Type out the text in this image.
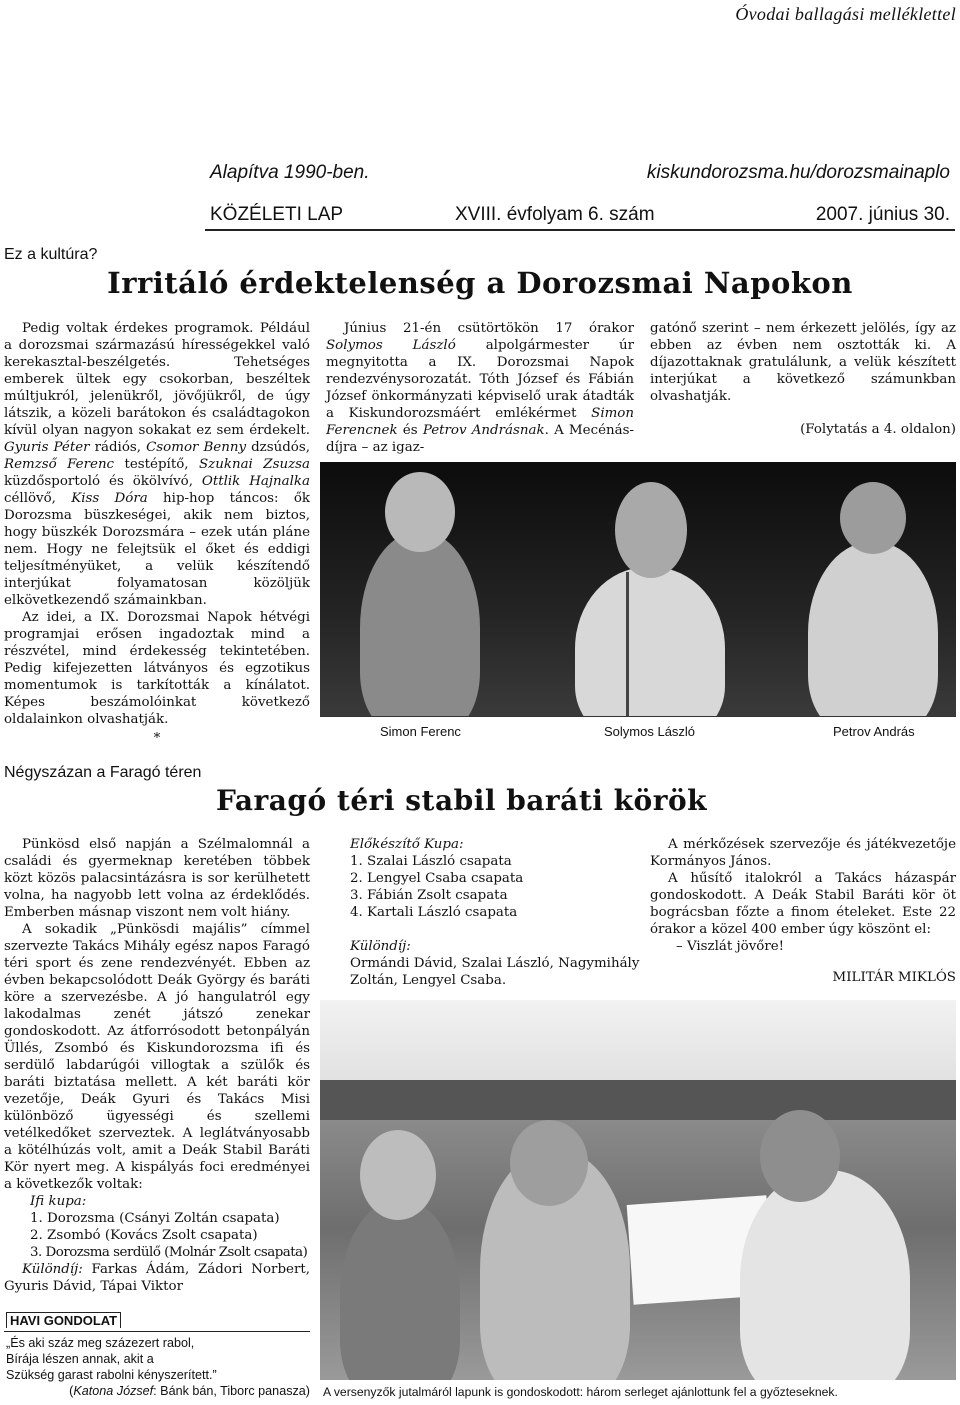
Óvodai ballagási melléklettel
Alapítva 1990-ben.	kiskundorozsma.hu/dorozsmainaplo
KÖZÉLETI LAP	XVIII. évfolyam 6. szám	2007. június 30.
Ez a kultúra?
Irritáló érdektelenség a Dorozsmai Napokon

Pedig voltak érdekes programok. Például a dorozsmai származású hírességekkel való kerekasztal-beszélgetés. Tehetséges emberek ültek egy csokorban, beszéltek múltjukról, jelenükről, jövőjükről, de úgy látszik, a közeli barátokon és családtagokon kívül olyan nagyon sokakat ez sem érdekelt. Gyuris Péter rádiós, Csomor Benny dzsúdós, Remzső Ferenc testépítő, Szuknai Zsuzsa küzdősportoló és ökölvívó, Ottlik Hajnalka céllövő, Kiss Dóra hip-hop táncos: ők Dorozsma büszkeségei, akik nem biztos, hogy büszkék Dorozsmára – ezek után pláne nem. Hogy ne felejtsük el őket és eddigi teljesítményüket, a velük készítendő interjúkat folyamatosan közöljük elkövetkezendő számainkban.

Az idei, a IX. Dorozsmai Napok hétvégi programjai erősen ingadoztak mind a részvétel, mind érdekesség tekintetében. Pedig kifejezetten látványos és egzotikus momentumok is tarkították a kínálatot. Képes beszámolóinkat következő oldalainkon olvashatják.

*

Június 21-én csütörtökön 17 órakor Solymos László alpolgármester úr megnyitotta a IX. Dorozsmai Napok rendezvénysorozatát. Tóth József és Fábián József önkormányzati képviselő urak átadták a Kiskundorozsmáért emlékérmet Simon Ferencnek és Petrov Andrásnak. A Mecénás-díjra – az igaz-

gatónő szerint – nem érkezett jelölés, így az ebben az évben nem osztották ki. A díjazottaknak gratulálunk, a velük készített interjúkat a következő számunkban olvashatják.

(Folytatás a 4. oldalon)
Simon Ferenc	Solymos László	Petrov András
Négyszázan a Faragó téren
Faragó téri stabil baráti körök

Pünkösd első napján a Szélmalomnál a családi és gyermeknap keretében többek közt közös palacsintázásra is sor kerülhetett volna, ha nagyobb lett volna az érdeklődés. Emberben másnap viszont nem volt hiány.

A sokadik „Pünkösdi majális” címmel szervezte Takács Mihály egész napos Faragó téri sport és zene rendezvényét. Ebben az évben bekapcsolódott Deák György és baráti köre a szervezésbe. A jó hangulatról egy lakodalmas zenét játszó zenekar gondoskodott. Az átforrósodott betonpályán Üllés, Zsombó és Kiskundorozsma ifi és serdülő labdarúgói villogtak a szülők és baráti biztatása mellett. A két baráti kör vezetője, Deák Gyuri és Takács Misi különböző ügyességi és szellemi vetélkedőket szerveztek. A leglátványosabb a kötélhúzás volt, amit a Deák Stabil Baráti Kör nyert meg. A kispályás foci eredményei a következők voltak:

Ifi kupa:
1. Dorozsma (Csányi Zoltán csapata)
2. Zsombó (Kovács Zsolt csapata)
3. Dorozsma serdülő (Molnár Zsolt csapata)

Különdíj: Farkas Ádám, Zádori Norbert, Gyuris Dávid, Tápai Viktor

Előkészítő Kupa:
1. Szalai László csapata
2. Lengyel Csaba csapata
3. Fábián Zsolt csapata
4. Kartali László csapata
Különdíj:
Ormándi Dávid, Szalai László, Nagymihály Zoltán, Lengyel Csaba.

A mérkőzések szervezője és játékvezetője Kormányos János.

A hűsítő italokról a Takács házaspár gondoskodott. A Deák Stabil Baráti kör öt bográcsban főzte a finom ételeket. Este 22 órakor a közel 400 ember úgy köszönt el:

– Viszlát jövőre!

MILITÁR MIKLÓS
A versenyzők jutalmáról lapunk is gondoskodott: három serleget ajánlottunk fel a győzteseknek.
HAVI GONDOLAT
„És aki száz meg százezert rabol,
Bírája lészen annak, akit a
Szükség garast rabolni kényszerített.”
(Katona József: Bánk bán, Tiborc panasza)
